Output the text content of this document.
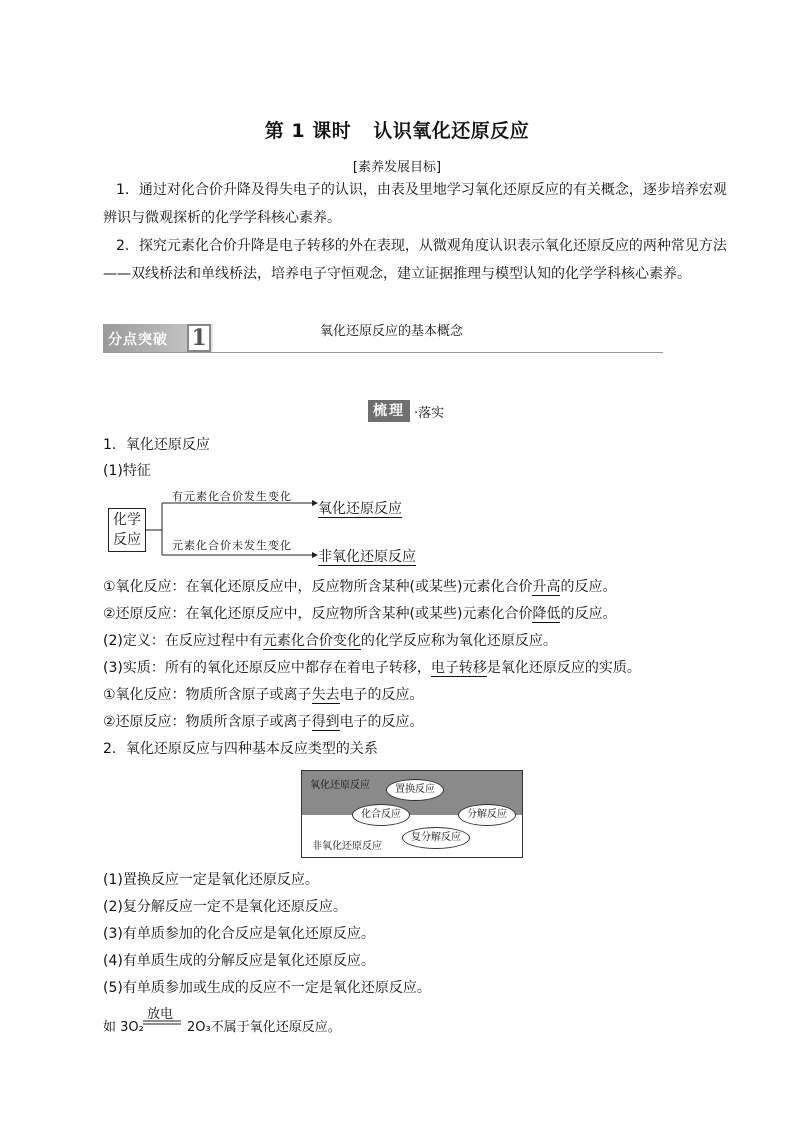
第 1 课时 认识氧化还原反应
[素养发展目标]
1．通过对化合价升降及得失电子的认识，由表及里地学习氧化还原反应的有关概念，逐步培养宏观
辨识与微观探析的化学学科核心素养。
2．探究元素化合价升降是电子转移的外在表现，从微观角度认识表示氧化还原反应的两种常见方法
——双线桥法和单线桥法，培养电子守恒观念，建立证据推理与模型认知的化学学科核心素养。
分点突破 1	氧化还原反应的基本概念
梳理 ·落实
1．氧化还原反应
(1)特征
化学
反应
有元素化合价发生变化
元素化合价未发生变化
氧化还原反应
非氧化还原反应
①氧化反应：在氧化还原反应中，反应物所含某种(或某些)元素化合价升高的反应。
②还原反应：在氧化还原反应中，反应物所含某种(或某些)元素化合价降低的反应。
(2)定义：在反应过程中有元素化合价变化的化学反应称为氧化还原反应。
(3)实质：所有的氧化还原反应中都存在着电子转移，电子转移是氧化还原反应的实质。
①氧化反应：物质所含原子或离子失去电子的反应。
②还原反应：物质所含原子或离子得到电子的反应。
2．氧化还原反应与四种基本反应类型的关系
氧化还原反应
非氧化还原反应
置换反应
化合反应	分解反应
复分解反应
(1)置换反应一定是氧化还原反应。
(2)复分解反应一定不是氧化还原反应。
(3)有单质参加的化合反应是氧化还原反应。
(4)有单质生成的分解反应是氧化还原反应。
(5)有单质参加或生成的反应不一定是氧化还原反应。
如 3O₂
放电
2O₃不属于氧化还原反应。
